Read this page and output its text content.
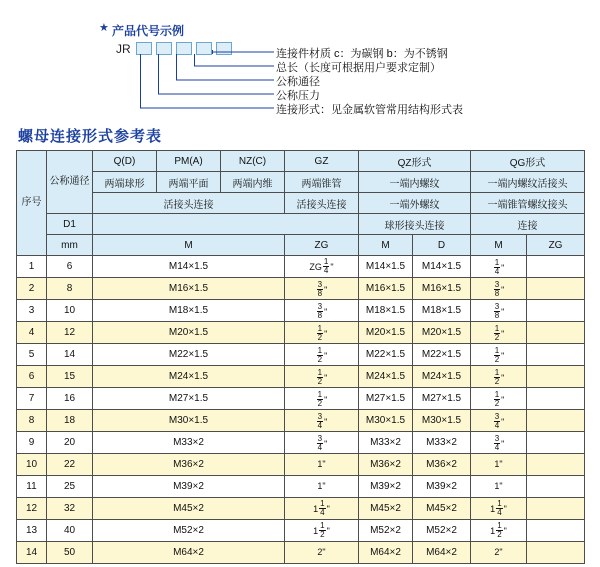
★ 产品代号示例
JR	连接件材质 c：为碳钢 b：为不锈钢
总长（长度可根据用户要求定制）
公称通径
公称压力
连接形式：见金属软管常用结构形式表
螺母连接形式参考表
序号	公称通径	Q(D)	PM(A)	NZ(C)	GZ	QZ形式		QG形式	
		两端球形	两端平面	两端内维	两端锥管	一端内螺纹		一端内螺纹活接头	
		活接头连接			活接头连接	一端外螺纹		一端锥管螺纹接头	
	D1					球形接头连接		连接	
	mm	M			ZG	M	D	M	ZG
1	6	M14×1.5			ZG $\frac{1}{4}$ "	M14×1.5	M14×1.5	$\frac{1}{4}$ "	

2	8	M16×1.5			$\frac{3}{8}$ "	M16×1.5	M16×1.5	$\frac{3}{8}$ "	

3	10	M18×1.5			$\frac{3}{8}$ "	M18×1.5	M18×1.5	$\frac{3}{8}$ "	

4	12	M20×1.5			$\frac{1}{2}$ "	M20×1.5	M20×1.5	$\frac{1}{2}$ "	

5	14	M22×1.5			$\frac{1}{2}$ "	M22×1.5	M22×1.5	$\frac{1}{2}$ "	

6	15	M24×1.5			$\frac{1}{2}$ "	M24×1.5	M24×1.5	$\frac{1}{2}$ "	

7	16	M27×1.5			$\frac{1}{2}$ "	M27×1.5	M27×1.5	$\frac{1}{2}$ "	

8	18	M30×1.5			$\frac{3}{4}$ "	M30×1.5	M30×1.5	$\frac{3}{4}$ "	

9	20	M33×2			$\frac{3}{4}$ "	M33×2	M33×2	$\frac{3}{4}$ "	

10	22	M36×2			1"	M36×2	M36×2	1"	
11	25	M39×2			1"	M39×2	M39×2	1"	
12	32	M45×2			$1 \frac{1}{4}$ "	M45×2	M45×2	$1 \frac{1}{4}$ "	

13	40	M52×2			$1 \frac{1}{2}$ "	M52×2	M52×2	$1 \frac{1}{2}$ "	

14	50	M64×2			2"	M64×2	M64×2	2"	
